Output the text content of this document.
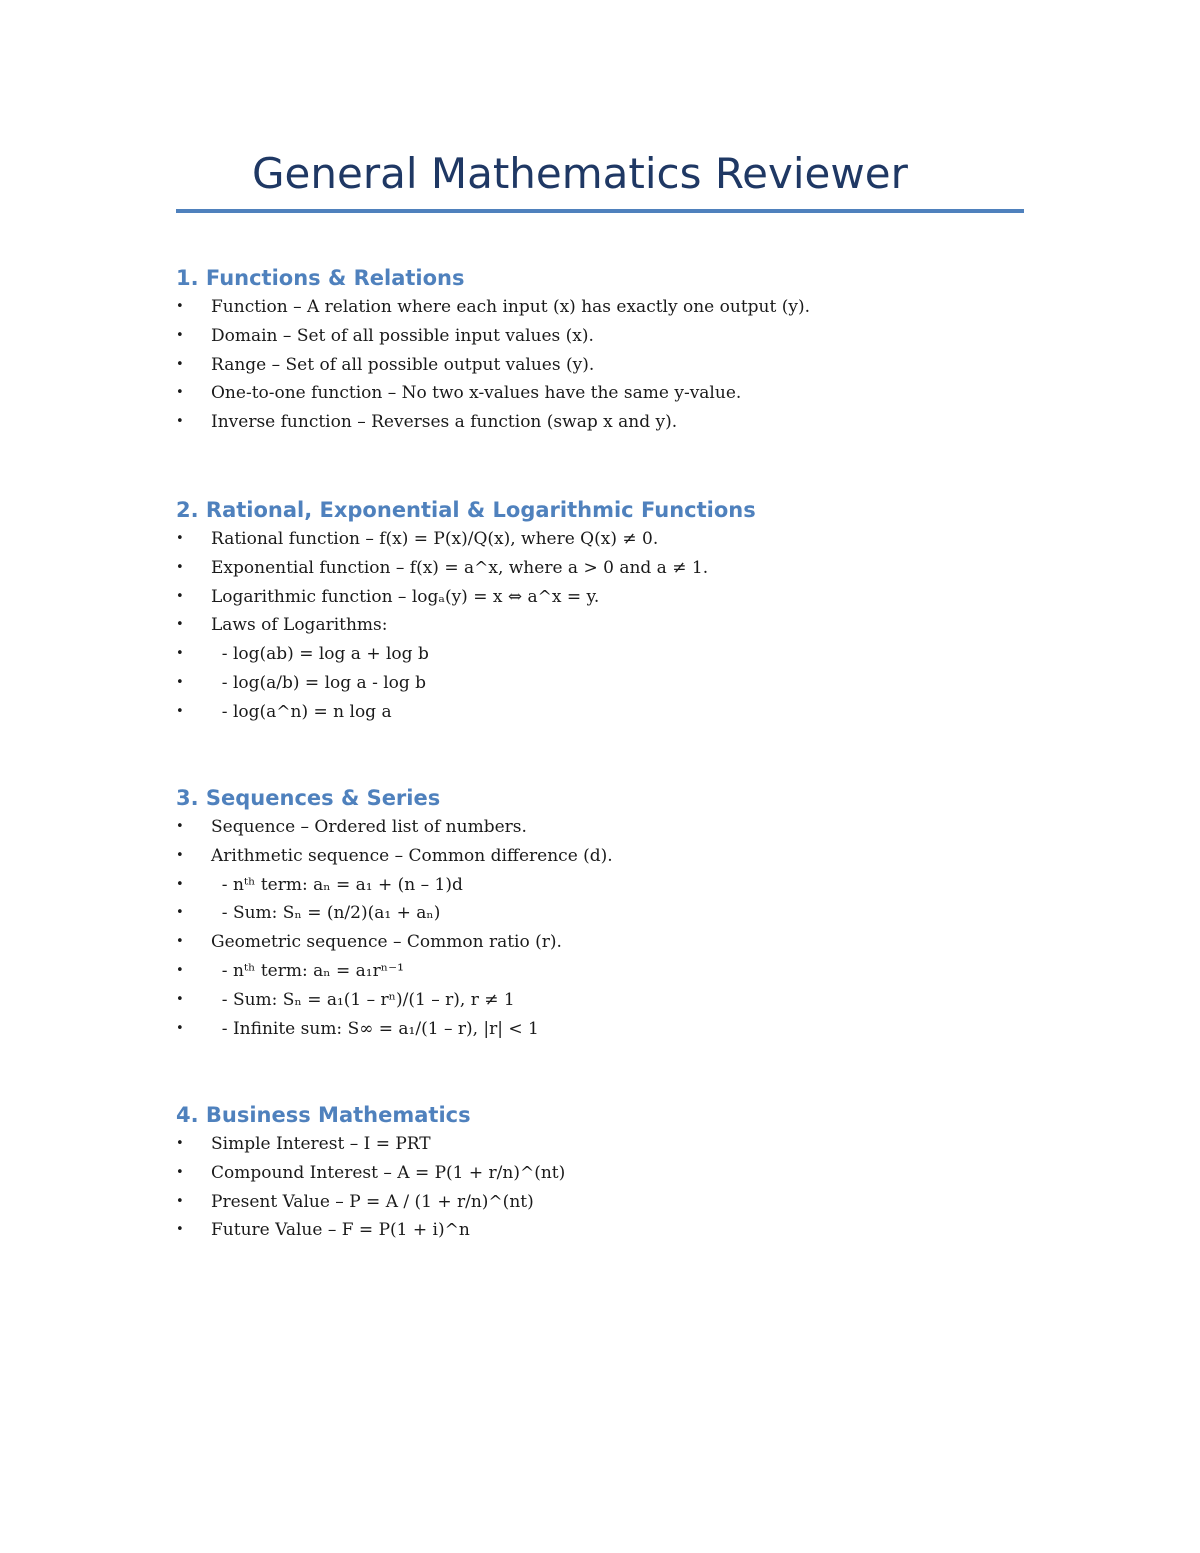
General Mathematics Reviewer
1. Functions & Relations
• Function – A relation where each input (x) has exactly one output (y).
• Domain – Set of all possible input values (x).
• Range – Set of all possible output values (y).
• One-to-one function – No two x-values have the same y-value.
• Inverse function – Reverses a function (swap x and y).
2. Rational, Exponential & Logarithmic Functions
• Rational function – f(x) = P(x)/Q(x), where Q(x) ≠ 0.
• Exponential function – f(x) = a^x, where a > 0 and a ≠ 1.
• Logarithmic function – logₐ(y) = x ⇔ a^x = y.
• Laws of Logarithms:
• - log(ab) = log a + log b
• - log(a/b) = log a - log b
• - log(a^n) = n log a
3. Sequences & Series
• Sequence – Ordered list of numbers.
• Arithmetic sequence – Common difference (d).
• - nᵗʰ term: aₙ = a₁ + (n – 1)d
• - Sum: Sₙ = (n/2)(a₁ + aₙ)
• Geometric sequence – Common ratio (r).
• - nᵗʰ term: aₙ = a₁rⁿ⁻¹
• - Sum: Sₙ = a₁(1 – rⁿ)/(1 – r), r ≠ 1
• - Infinite sum: S∞ = a₁/(1 – r), |r| < 1
4. Business Mathematics
• Simple Interest – I = PRT
• Compound Interest – A = P(1 + r/n)^(nt)
• Present Value – P = A / (1 + r/n)^(nt)
• Future Value – F = P(1 + i)^n
